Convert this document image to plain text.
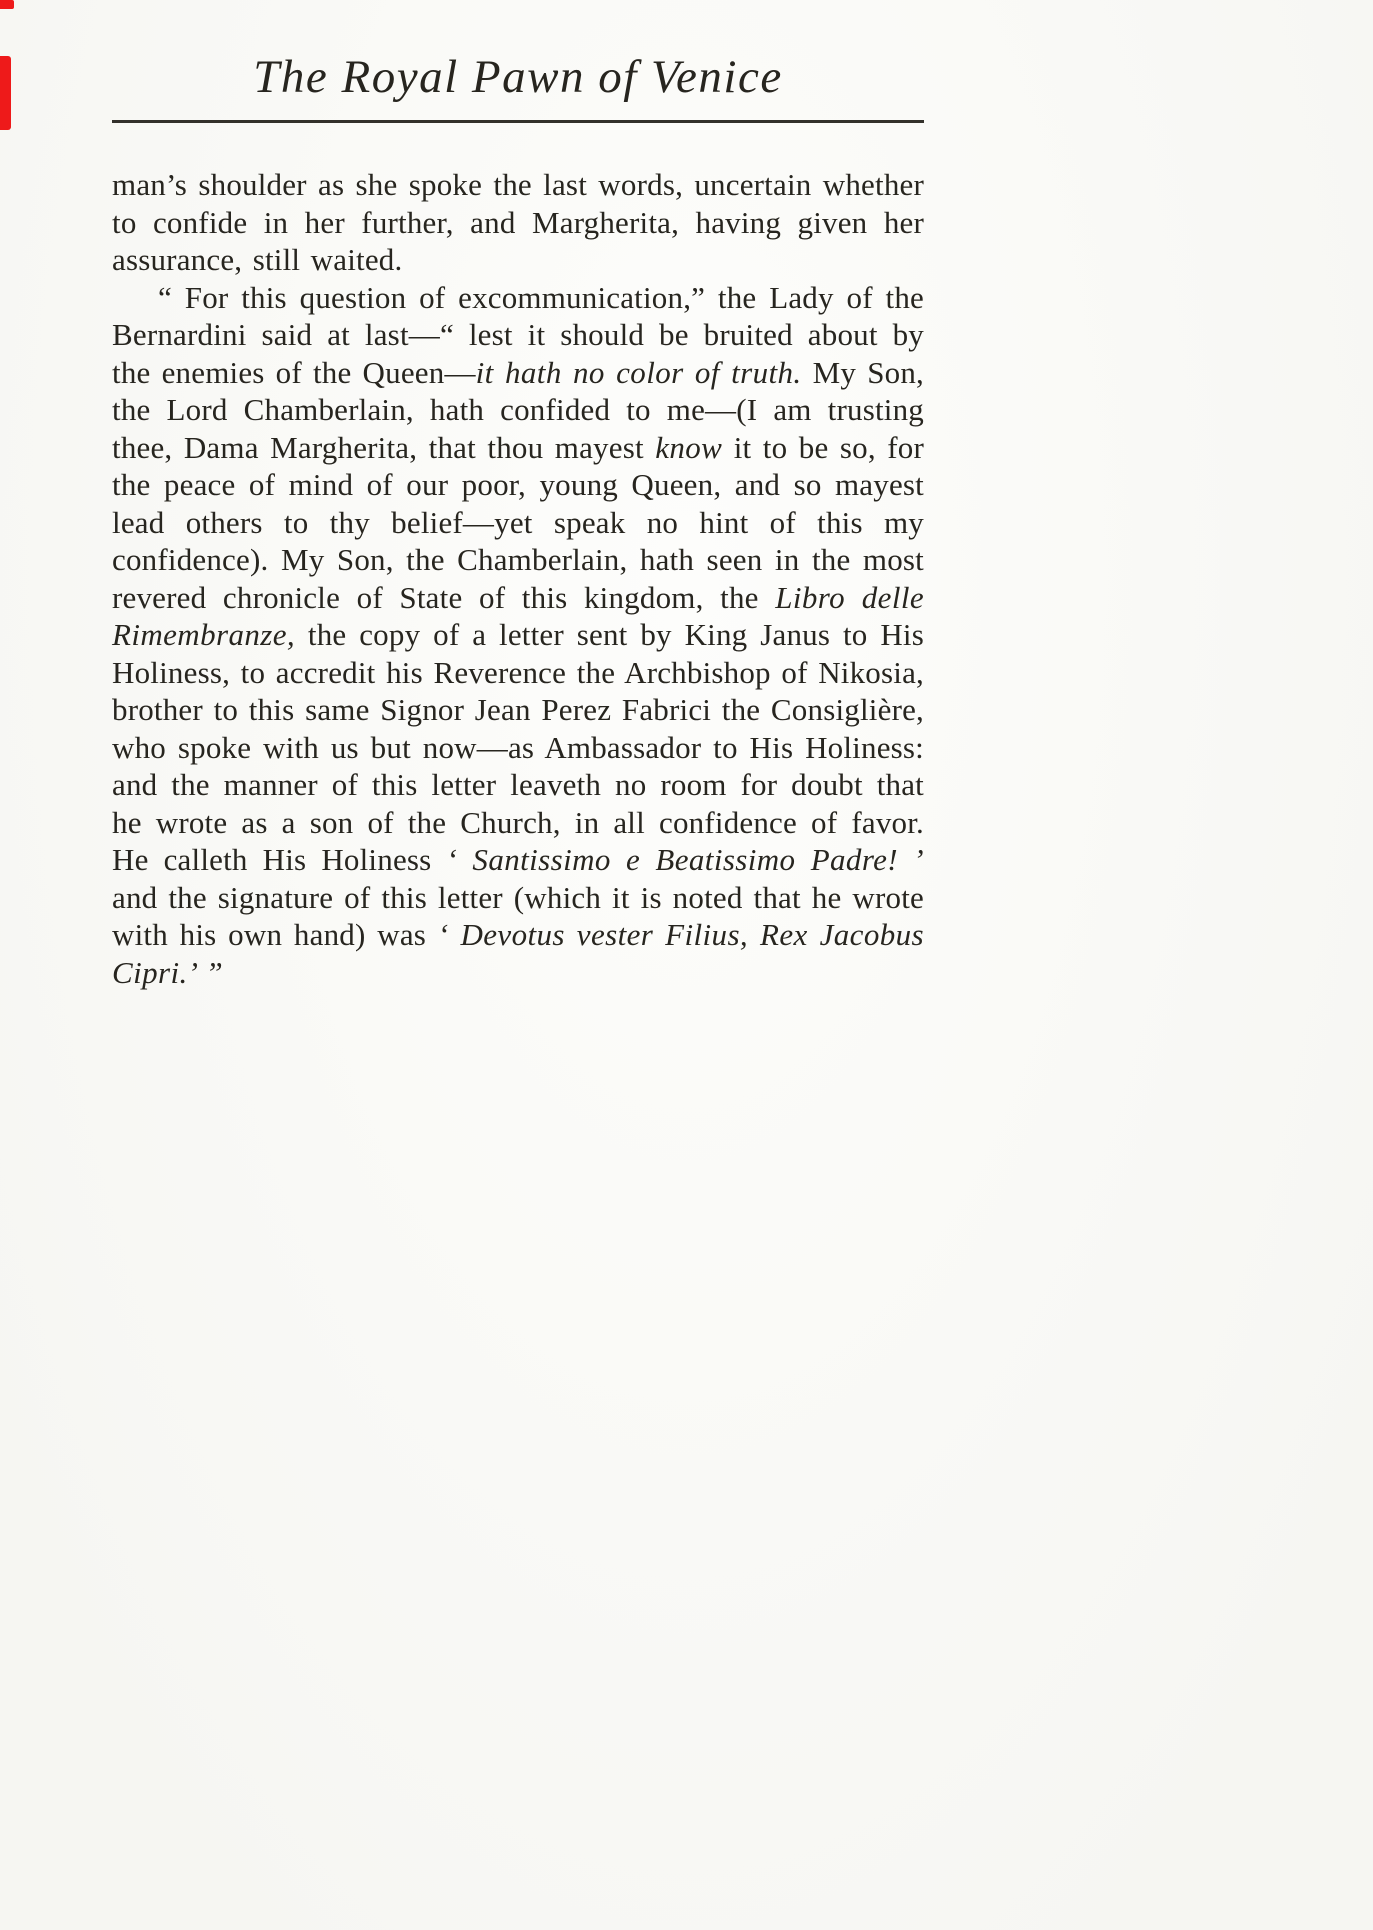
The Royal Pawn of Venice

man’s shoulder as she spoke the last words, uncertain whether to confide in her further, and Margherita, having given her assurance, still waited.

“ For this question of excommunication,” the Lady of the Bernardini said at last—“ lest it should be bruited about by the enemies of the Queen—it hath no color of truth. My Son, the Lord Chamberlain, hath confided to me—(I am trusting thee, Dama Margherita, that thou mayest know it to be so, for the peace of mind of our poor, young Queen, and so mayest lead others to thy belief—yet speak no hint of this my confidence). My Son, the Chamberlain, hath seen in the most revered chronicle of State of this kingdom, the Libro delle Rimembranze, the copy of a letter sent by King Janus to His Holiness, to accredit his Reverence the Archbishop of Nikosia, brother to this same Signor Jean Perez Fabrici the Consiglière, who spoke with us but now—as Ambassador to His Holiness: and the manner of this letter leaveth no room for doubt that he wrote as a son of the Church, in all confidence of favor. He calleth His Holiness ‘ Santissimo e Beatissimo Padre! ’ and the signature of this letter (which it is noted that he wrote with his own hand) was ‘ Devotus vester Filius, Rex Jacobus Cipri.’ ”
